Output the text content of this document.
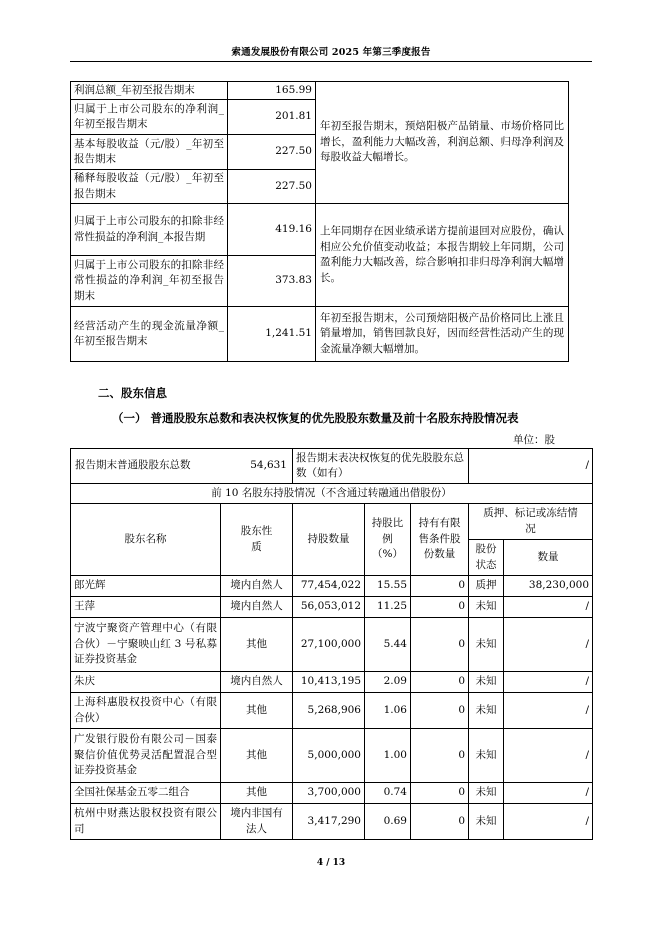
索通发展股份有限公司 2025 年第三季度报告
利润总额_年初至报告期末	165.99	年初至报告期末，预焙阳极产品销量、市场价格同比增长，盈利能力大幅改善，利润总额、归母净利润及每股收益大幅增长。
归属于上市公司股东的净利润_年初至报告期末	201.81	
基本每股收益（元/股）_年初至报告期末	227.50	
稀释每股收益（元/股）_年初至报告期末	227.50	
归属于上市公司股东的扣除非经常性损益的净利润_本报告期	419.16	上年同期存在因业绩承诺方提前退回对应股份，确认相应公允价值变动收益；本报告期较上年同期，公司盈利能力大幅改善，综合影响扣非归母净利润大幅增长。
归属于上市公司股东的扣除非经常性损益的净利润_年初至报告期末	373.83	
经营活动产生的现金流量净额_年初至报告期末	1,241.51	年初至报告期末，公司预焙阳极产品价格同比上涨且销量增加，销售回款良好，因而经营性活动产生的现金流量净额大幅增加。
二、股东信息
（一） 普通股股东总数和表决权恢复的优先股股东数量及前十名股东持股情况表
单位：股
报告期末普通股股东总数 54,631		报告期末表决权恢复的优先股股东总数（如有）			/	
前 10 名股东持股情况（不含通过转融通出借股份）						
股东名称	股东性质	持股数量	持股比例（%）	持有有限售条件股份数量	质押、标记或冻结情况	
					股份状态	数量
郎光辉	境内自然人	77,454,022	15.55	0	质押	38,230,000
王萍	境内自然人	56,053,012	11.25	0	未知	/
宁波宁聚资产管理中心（有限合伙）－宁聚映山红 3 号私募证券投资基金	其他	27,100,000	5.44	0	未知	/
朱庆	境内自然人	10,413,195	2.09	0	未知	/
上海科惠股权投资中心（有限合伙）	其他	5,268,906	1.06	0	未知	/
广发银行股份有限公司－国泰聚信价值优势灵活配置混合型证券投资基金	其他	5,000,000	1.00	0	未知	/
全国社保基金五零二组合	其他	3,700,000	0.74	0	未知	/
杭州中财燕达股权投资有限公司	境内非国有法人	3,417,290	0.69	0	未知	/
4 / 13
